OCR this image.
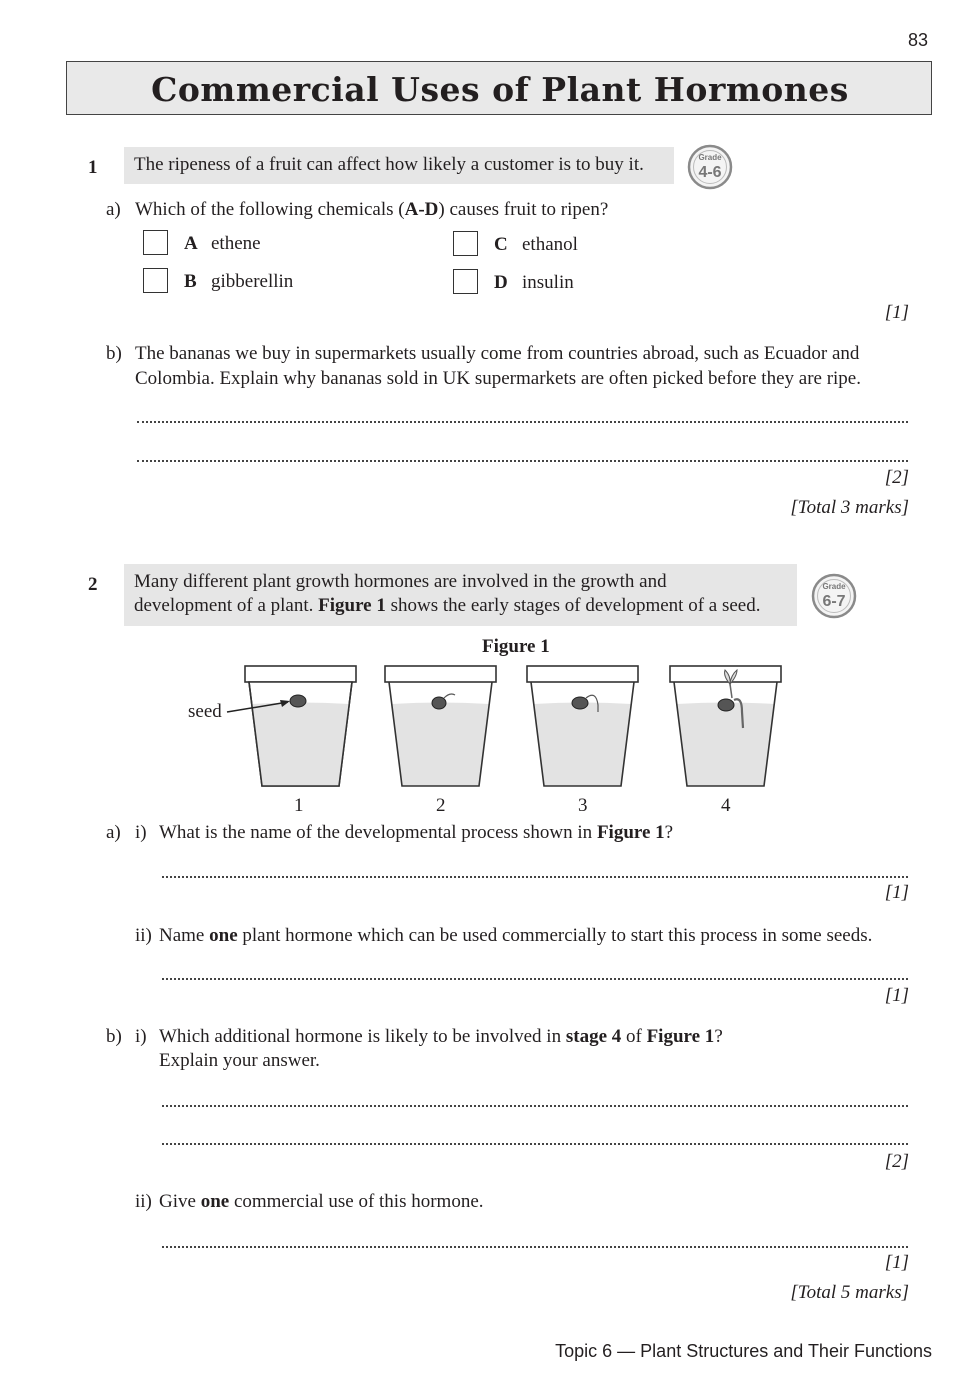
83
Commercial Uses of Plant Hormones
1	The ripeness of a fruit can affect how likely a customer is to buy it.	Grade
4-6
a) Which of the following chemicals (A-D) causes fruit to ripen?
A ethene
B gibberellin
C ethanol
D insulin
[1]
b) The bananas we buy in supermarkets usually come from countries abroad, such as Ecuador and
Colombia. Explain why bananas sold in UK supermarkets are often picked before they are ripe.
[2]
[Total 3 marks]
2 Many different plant growth hormones are involved in the growth and
development of a plant. Figure 1 shows the early stages of development of a seed.
Grade
6-7
Figure 1
seed
1	2	3	4
a) i) What is the name of the developmental process shown in Figure 1?
[1]
ii) Name one plant hormone which can be used commercially to start this process in some seeds.
[1]
b) i) Which additional hormone is likely to be involved in stage 4 of Figure 1?
Explain your answer.
[2]
ii) Give one commercial use of this hormone.
[1]
[Total 5 marks]
Topic 6 — Plant Structures and Their Functions
